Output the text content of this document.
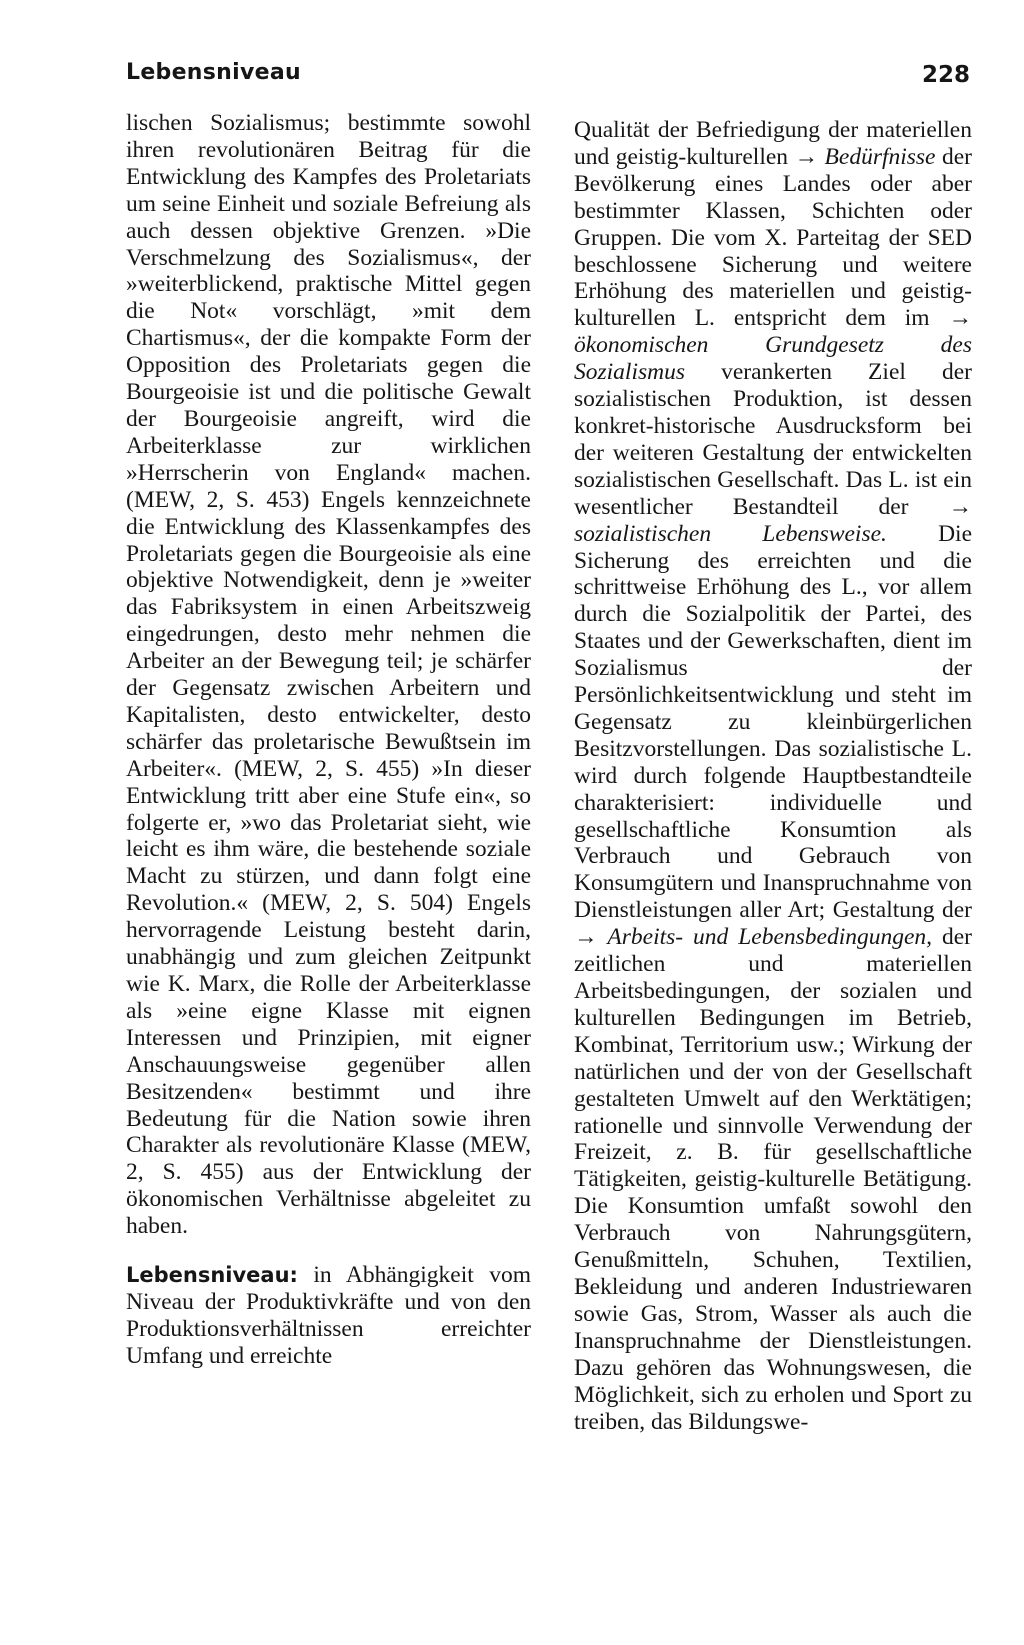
Lebensniveau	228

lischen Sozialismus; bestimmte sowohl ihren revolutionären Beitrag für die Entwicklung des Kampfes des Proletariats um seine Einheit und soziale Befreiung als auch dessen objektive Grenzen. »Die Verschmelzung des Sozialismus«, der »weiterblickend, praktische Mittel gegen die Not« vorschlägt, »mit dem Chartismus«, der die kompakte Form der Opposition des Proletariats gegen die Bourgeoisie ist und die politische Gewalt der Bourgeoisie angreift, wird die Arbeiterklasse zur wirklichen »Herrscherin von England« machen. (MEW, 2, S. 453) Engels kennzeichnete die Entwicklung des Klassenkampfes des Proletariats gegen die Bourgeoisie als eine objektive Notwendigkeit, denn je »weiter das Fabriksystem in einen Arbeitszweig eingedrungen, desto mehr nehmen die Arbeiter an der Bewegung teil; je schärfer der Gegensatz zwischen Arbeitern und Kapitalisten, desto entwickelter, desto schärfer das proletarische Bewußtsein im Arbeiter«. (MEW, 2, S. 455) »In dieser Entwicklung tritt aber eine Stufe ein«, so folgerte er, »wo das Proletariat sieht, wie leicht es ihm wäre, die bestehende soziale Macht zu stürzen, und dann folgt eine Revolution.« (MEW, 2, S. 504) Engels hervorragende Leistung besteht darin, unabhängig und zum gleichen Zeitpunkt wie K. Marx, die Rolle der Arbeiterklasse als »eine eigne Klasse mit eignen Interessen und Prinzipien, mit eigner Anschauungsweise gegenüber allen Besitzenden« bestimmt und ihre Bedeutung für die Nation sowie ihren Charakter als revolutionäre Klasse (MEW, 2, S. 455) aus der Entwicklung der ökonomischen Verhältnisse abgeleitet zu haben.

Lebensniveau: in Abhängigkeit vom Niveau der Produktivkräfte und von den Produktionsverhältnissen erreichter Umfang und erreichte

Qualität der Befriedigung der materiellen und geistig-kulturellen → Bedürfnisse der Bevölkerung eines Landes oder aber bestimmter Klassen, Schichten oder Gruppen. Die vom X. Parteitag der SED beschlossene Sicherung und weitere Erhöhung des materiellen und geistig-kulturellen L. entspricht dem im → ökonomischen Grundgesetz des Sozialismus verankerten Ziel der sozialistischen Produktion, ist dessen konkret-historische Ausdrucksform bei der weiteren Gestaltung der entwickelten sozialistischen Gesellschaft. Das L. ist ein wesentlicher Bestandteil der → sozialistischen Lebensweise. Die Sicherung des erreichten und die schrittweise Erhöhung des L., vor allem durch die Sozialpolitik der Partei, des Staates und der Gewerkschaften, dient im Sozialismus der Persönlichkeitsentwicklung und steht im Gegensatz zu kleinbürgerlichen Besitzvorstellungen. Das sozialistische L. wird durch folgende Hauptbestandteile charakterisiert: individuelle und gesellschaftliche Konsumtion als Verbrauch und Gebrauch von Konsumgütern und Inanspruchnahme von Dienstleistungen aller Art; Gestaltung der → Arbeits- und Lebensbedingungen, der zeitlichen und materiellen Arbeitsbedingungen, der sozialen und kulturellen Bedingungen im Betrieb, Kombinat, Territorium usw.; Wirkung der natürlichen und der von der Gesellschaft gestalteten Umwelt auf den Werktätigen; rationelle und sinnvolle Verwendung der Freizeit, z. B. für gesellschaftliche Tätigkeiten, geistig-kulturelle Betätigung. Die Konsumtion umfaßt sowohl den Verbrauch von Nahrungsgütern, Genußmitteln, Schuhen, Textilien, Bekleidung und anderen Industriewaren sowie Gas, Strom, Wasser als auch die Inanspruchnahme der Dienstleistungen. Dazu gehören das Wohnungswesen, die Möglichkeit, sich zu erholen und Sport zu treiben, das Bildungswe-
